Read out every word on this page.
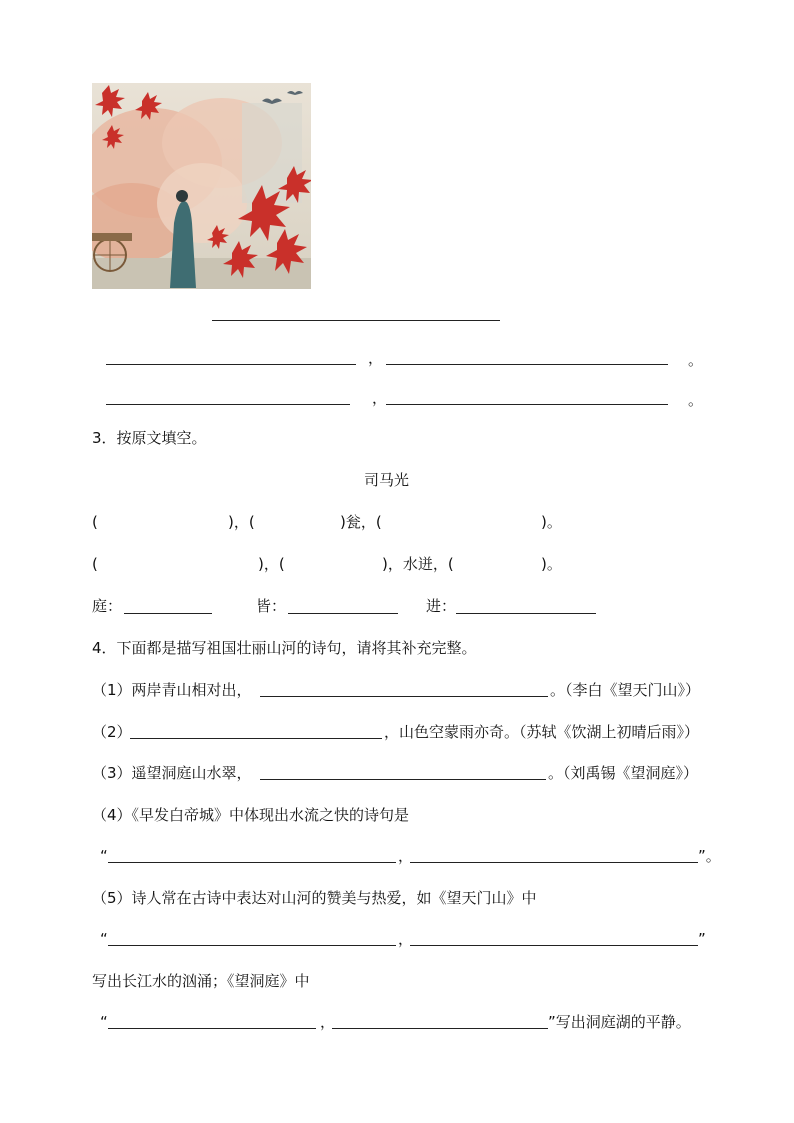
，	。
，	。
3．按原文填空。
司马光
(	)，(	)瓮，(	)。
(	)，(	)，水迸，(	)。
庭：	皆：	进：
4．下面都是描写祖国壮丽山河的诗句，请将其补充完整。
（1）两岸青山相对出，	。（李白《望天门山》）
（2）	，山色空蒙雨亦奇。（苏轼《饮湖上初晴后雨》）
（3）遥望洞庭山水翠，	。（刘禹锡《望洞庭》）
（4）《早发白帝城》中体现出水流之快的诗句是
“	，	”。
（5）诗人常在古诗中表达对山河的赞美与热爱，如《望天门山》中
“	，	”
写出长江水的汹涌；《望洞庭》中
“	，	”写出洞庭湖的平静。
